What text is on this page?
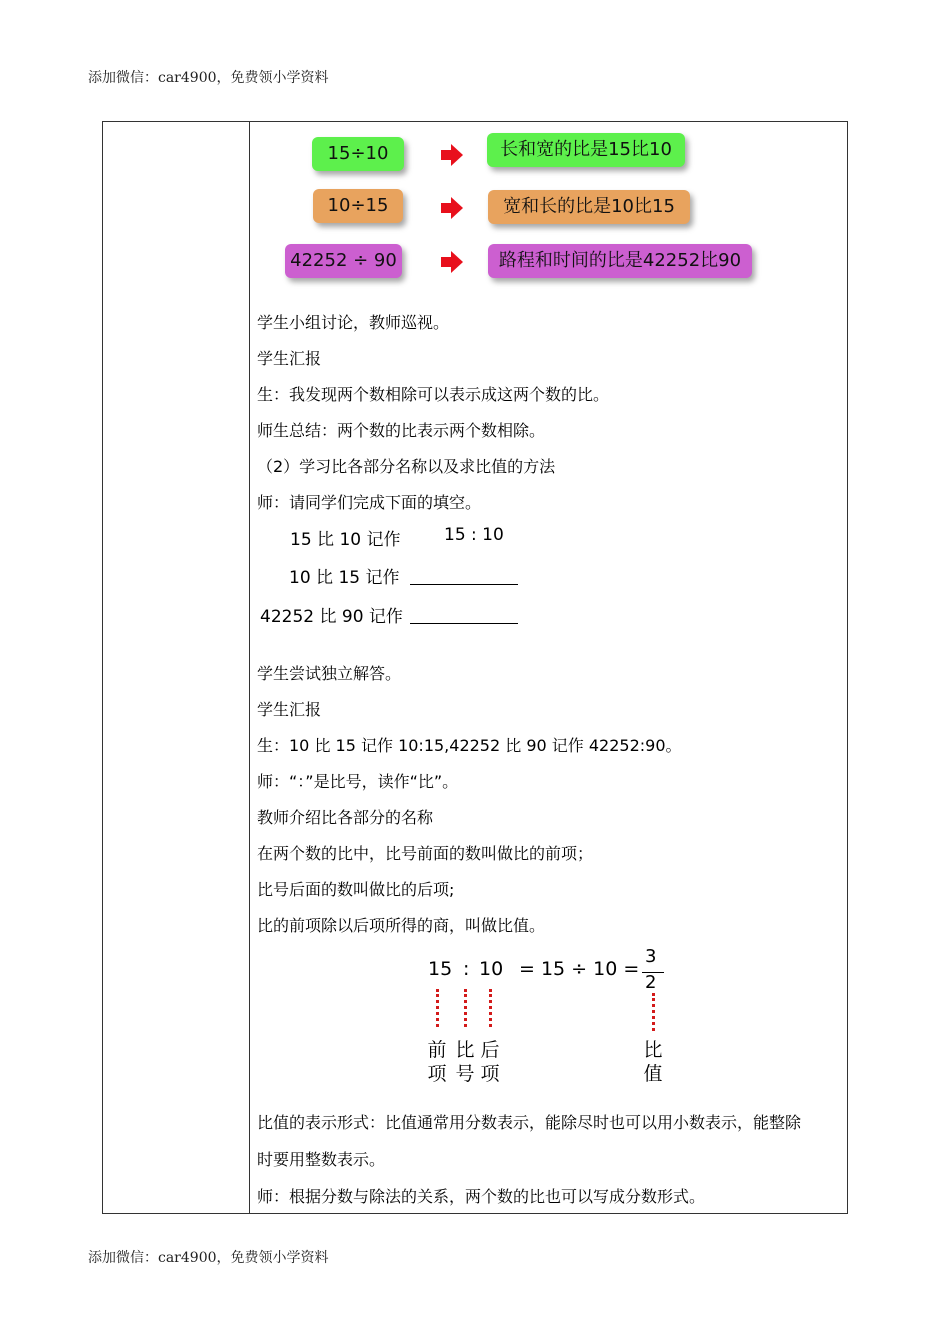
添加微信：car4900，免费领小学资料
15÷10	长和宽的比是15比10
10÷15	宽和长的比是10比15
42252 ÷ 90	路程和时间的比是42252比90
学生小组讨论，教师巡视。
学生汇报
生：我发现两个数相除可以表示成这两个数的比。
师生总结：两个数的比表示两个数相除。
（2）学习比各部分名称以及求比值的方法
师：请同学们完成下面的填空。
15 比 10 记作	15 : 10
10 比 15 记作
42252 比 90 记作
学生尝试独立解答。
学生汇报
生：10 比 15 记作 10:15,42252 比 90 记作 42252:90。
师：“：”是比号，读作“比”。
教师介绍比各部分的名称
在两个数的比中，比号前面的数叫做比的前项；
比号后面的数叫做比的后项;
比的前项除以后项所得的商，叫做比值。
15 : 10 = 15 ÷ 10 =
3
2
前项
比号
后项
比值
比值的表示形式：比值通常用分数表示，能除尽时也可以用小数表示，能整除
时要用整数表示。
师：根据分数与除法的关系，两个数的比也可以写成分数形式。
添加微信：car4900，免费领小学资料
